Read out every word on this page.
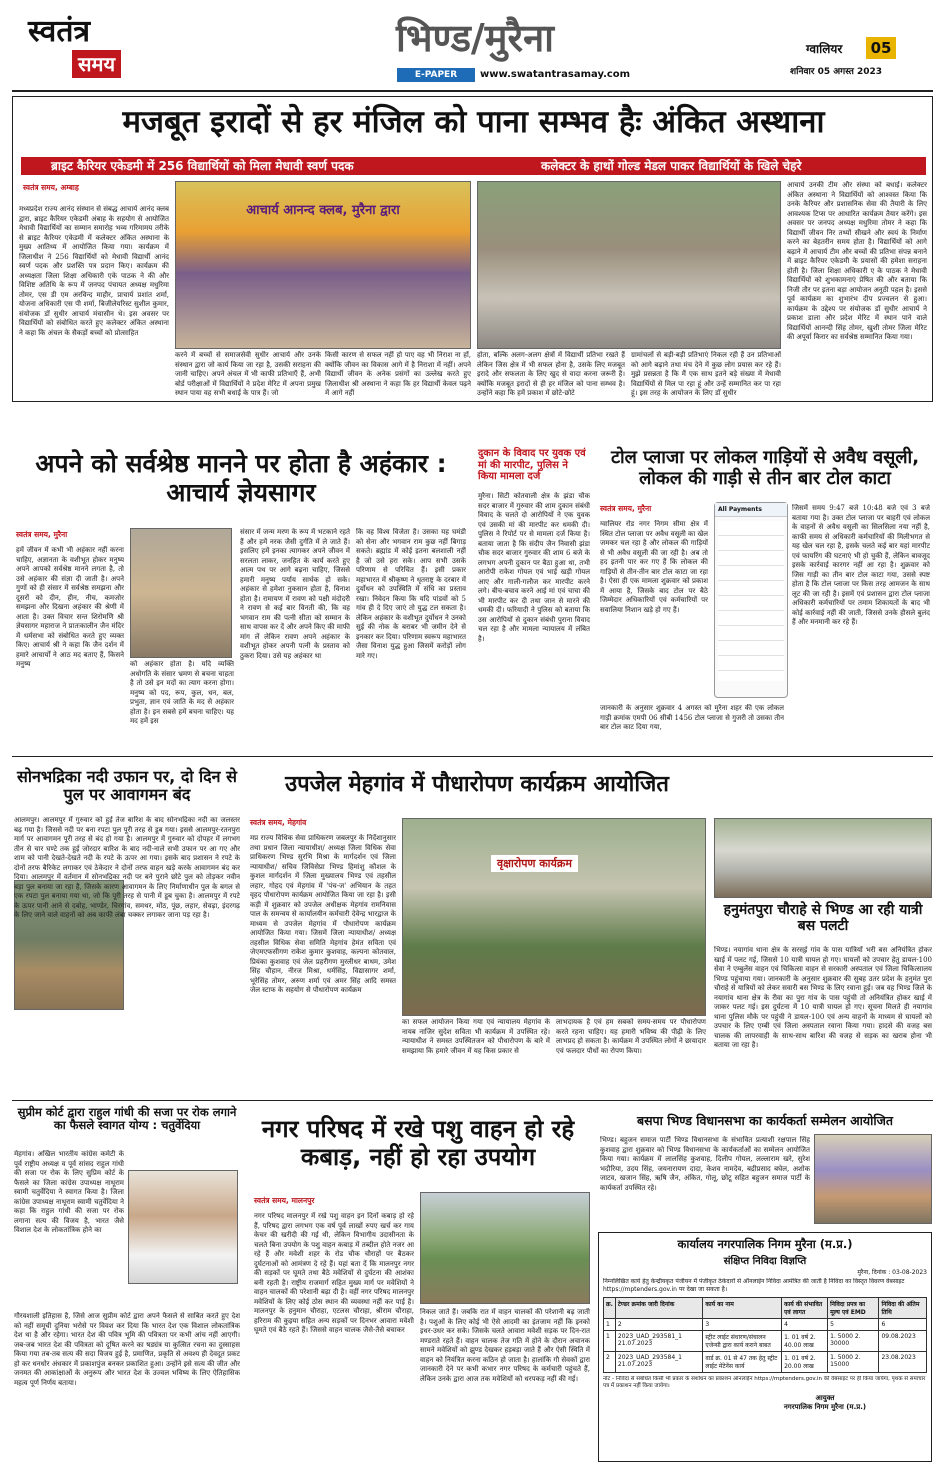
स्वतंत्र
समय
भिण्ड/मुरैना
E-PAPER	www.swatantrasamay.com
ग्वालियर	05
शनिवार 05 अगस्त 2023
मजबूत इरादों से हर मंजिल को पाना सम्भव हैः अंकित अस्थाना
ब्राइट कैरियर एकेडमी में 256 विद्यार्थियों को मिला मेधावी स्वर्ण पदक	कलेक्टर के हाथों गोल्ड मेडल पाकर विद्यार्थियों के खिले चेहरे
स्वतंत्र समय, अम्बाह
मध्यप्रदेश राज्य आनंद संस्थान से संबद्ध आचार्य आनंद क्लब द्वारा, ब्राइट कैरियर एकेडमी अंबाह के सहयोग से आयोजित मेधावी विद्यार्थियों का सम्मान समारोह भव्य गरिमामय तरीके से ब्राइट कैरियर एकेडमी में कलेक्टर अंकित अस्थाना के मुख्य आतिथ्य में आयोजित किया गया। कार्यक्रम में जिलाधीश ने 256 विद्यार्थियों को मेधावी विद्यार्थी आनंद स्वर्ण पदक और प्रशस्ति पत्र प्रदान किए। कार्यक्रम की अध्यक्षता जिला शिक्षा अधिकारी एके पाठक ने की और विशिष्ट अतिथि के रूप में जनपद पंचायत अध्यक्ष मधुरिमा तोमर, एस डी एम अरविन्द माहौर, प्राचार्य प्रशांत शर्मा, योजना अधिकारी एस पी शर्मा, बिजीलेयरिस्ट सुशील कुमार, संयोजक डॉ सुधीर आचार्य मंचासीन थे। इस अवसर पर विद्यार्थियों को संबोधित करते हुए कलेक्टर अंकित अस्थाना ने कहा कि अंचल के सैकड़ों बच्चों को प्रोत्साहित
आचार्य आनन्द क्लब, मुरैना द्वारा
करने में बच्चों से समाजसेवी सुधीर आचार्य और उनके संस्थान द्वारा जो कार्य किया जा रहा है, उसकी सराहना की जानी चाहिए। अपने अंचल में भी काफी प्रतिभाएँ हैं, अभी बोर्ड परीक्षाओं में विद्यार्थियों ने प्रदेश मेरिट में अपना प्रमुख स्थान पाया वह सभी बधाई के पात्र हैं। जो
किसी कारण से सफल नहीं हो पाए वह भी निराश ना हों, क्योंकि जीवन का विकास आगे में है निराशा में नहीं। अपने विद्यार्थी जीवन के अनेक प्रसंगों का उल्लेख करते हुए जिलाधीश श्री अस्थाना ने कहा कि हर विद्यार्थी केवल पढ़ने में आगे नहीं
होता, बल्कि अलग-अलग क्षेत्रों में विद्यार्थी प्रतिभा रखते हैं लेकिन जिस क्षेत्र में भी सफल होना है, उसके लिए मजबूत इरादे और सफलता के लिए खुद से वादा करना जरूरी है। क्योंकि मजबूत इरादों से ही हर मंजिल को पाना सम्भव है। उन्होंने कहा कि हमें प्रकाश में छोटे-छोटे
ग्रामांचलों से बड़ी-बड़ी प्रतिभाएं निकल रही हैं उन प्रतिभाओं को आगे बढ़ाने तथा मंच देने में कुछ लोग प्रयास कर रहे हैं। मुझे प्रसन्नता है कि मैं एक साथ इतने बड़े संख्या में मेधावी विद्यार्थियों से मिल पा रहा हूं और उन्हें सम्मानित कर पा रहा हूं। इस तरह के आयोजन के लिए डॉ सुधीर
आचार्य उनकी टीम और संस्था को बधाई। कलेक्टर अंकित अस्थाना ने विद्यार्थियों को आश्वस्त किया कि उनके कैरियर और प्रशासनिक सेवा की तैयारी के लिए आवश्यक टिप्स पर आधारित कार्यक्रम तैयार करेंगे। इस अवसर पर जनपद अध्यक्ष मधुरिमा तोमर ने कहा कि विद्यार्थी जीवन निर तथ्यों सीखने और स्वयं के निर्माण करने का बेहतरीन समय होता है। विद्यार्थियों को आगे बढ़ाने में आचार्य टीम और बच्चों की प्रतिभा संपन्न बनाने में ब्राइट कैरियर एकेडमी के प्रयासों की हमेशा सराहना होती है। जिला शिक्षा अधिकारी ए के पाठक ने मेधावी विद्यार्थियों को शुभकामनाएं प्रेषित की और बताया कि निजी तौर पर इतना बड़ा आयोजन अनूठी पहल है। इससे पूर्व कार्यक्रम का शुभारंभ दीप प्रज्वलन से हुआ। कार्यक्रम के उद्देश्य पर संयोजक डॉ सुधीर आचार्य ने प्रकाश डाला और प्रदेश मेरिट में स्थान पाने वाले विद्यार्थियों आनन्दी सिंह तोमर, खुशी तोमर जिला मेरिट की अपूर्वा किरार का सर्वश्रेष्ठ सम्मानित किया गया।
अपने को सर्वश्रेष्ठ मानने पर होता है अहंकार : आचार्य ज्ञेयसागर
स्वतंत्र समय, मुरैना
हमें जीवन में कभी भी अहंकार नहीं करना चाहिए, अज्ञानता के वशीभूत होकर मनुष्य अपने आपको सर्वश्रेष्ठ मानने लगता है, तो उसे अहंकार की संज्ञा दी जाती है। अपने गुणों को ही संसार में सर्वश्रेष्ठ समझना और दूसरों को दीन, हीन, नीच, कमजोर समझना और दिखना अहंकार की श्रेणी में आता है। उक्त विचार सन्त शिरोमणि श्री ज्ञेयसागर महाराज ने प्रातःकालीन जैन मंदिर में धर्मसभा को संबोधित करते हुए व्यक्त किए। आचार्य श्री ने कहा कि जैन दर्शन में हमारे आचार्यों ने आठ मद बताए हैं, किसने मनुष्य	को अहंकार होता है। यदि व्यक्ति अधोगति के संसार भ्रमण से बचना चाहता है तो उसे इन मदों का त्याग करना होगा। मनुष्य को पद, रूप, कुल, धन, बल, प्रभुता, ज्ञान एवं जाति के मद से अहंकार होता है। इन सबसे हमें बचना चाहिए। यह मद हमें इस
संसार में जन्म मरण के रूप में भटकाने रहते हैं और हमें नरक जैसी दुर्गति में ले जाते हैं। इसलिए हमें इनका त्यागकर अपने जीवन में सरलता लाकर, जनहित के कार्य करते हुए आत्म पथ पर आगे बढ़ना चाहिए, जिससे हमारी मनुष्य पर्याय सार्थक हो सके। अहंकार से हमेशा नुकसान होता है, विनाश होता है। रामायण में रावण को पक्षी मंदोदरी ने रावण से कई बार विनती की, कि वह भगवान राम की पत्नी सीता को सम्मान के साथ वापस कर दें और अपने किए की माफी मांग लें लेकिन रावण अपने अहंकार के वशीभूत होकर अपनी पत्नी के प्रस्ताव को ठुकरा दिया। उसे यह अहंकार था
कि वह विश्व विजेता है। उसका यह घमंडी को सेना और भगवान राम कुछ नहीं बिगाड़ सकते। ब्रह्मांड में कोई इतना बलशाली नहीं है जो उसे हरा सके। आप सभी उसके परिणाम से परिचित हैं। इसी प्रकार महाभारत में श्रीकृष्ण ने धृतराष्ट्र के दरबार में दुर्योधन को उपस्थिति में संधि का प्रस्ताव रखा। निवेदन किया कि यदि पांडवों को 5 गांव ही दे दिए जाएं तो युद्ध टल सकता है। लेकिन अहंकार के वशीभूत दुर्योधन ने उनको सुई की नोक के बराबर भी जमीन देने से इनकार कर दिया। परिणाम स्वरूप महाभारत जैसा विनाश युद्ध हुआ जिसमें करोड़ों लोग मारे गए।
दुकान के विवाद पर युवक एवं मां की मारपीट, पुलिस ने किया मामला दर्ज
मुरैना। सिटी कोतवाली क्षेत्र के झंडा चौक सदर बाजार में गुरुवार की शाम दुकान संबंधी विवाद के चलते दो आरोपियों ने एक युवक एवं उसकी मां की मारपीट कर धमकी दी। पुलिस ने रिपोर्ट पर से मामला दर्ज किया है। बताया जाता है कि संदीप जैन निवासी झंडा चौक सदर बाजार गुरुवार की शाम 6 बजे के लगभग अपनी दुकान पर बैठा हुआ था, तभी आरोपी राकेश गोयल एवं भाई खड़ी गोयल आए और गाली-गलौज कर मारपीट करने लगे। बीच-बचाव करने आई मां एवं चाचा की भी मारपीट कर दी तथा जान से मारने की धमकी दी। फरियादी ने पुलिस को बताया कि उस आरोपियों से दुकान संबंधी पुराना विवाद चल रहा है और मामला न्यायालय में लंबित है।
टोल प्लाजा पर लोकल गाड़ियों से अवैध वसूली, लोकल की गाड़ी से तीन बार टोल काटा
स्वतंत्र समय, मुरैना
ग्वालियर रोड नगर निगम सीमा क्षेत्र में स्थित टोल प्लाजा पर अवैध वसूली का खेल जमकर चल रहा है और लोकल की गाड़ियों से भी अवैध वसूली की जा रही है। अब तो हद इतनी पार कर गए हैं कि लोकल की गाड़ियों से तीन-तीन बार टोल काटा जा रहा है। ऐसा ही एक मामला शुक्रवार को प्रकाश में आया है, जिसके बाद टोल पर बैठे जिम्मेदार अधिकारियों एवं कर्मचारियों पर सवालिया निशान खड़े हो गए हैं।
जानकारी के अनुसार शुक्रवार 4 अगस्त को मुरैना शहर की एक लोकल गाड़ी क्रमांक एमपी 06 सीबी 1456 टोल प्लाजा से गुजरी तो उसका तीन बार टोल काट दिया गया,
All Payments	जिसमें समय 9:47 बजे 10:48 बजे एवं 3 बजे बताया गया है। उक्त टोल प्लाजा पर बाहरी एवं लोकल के वाहनों से अवैध वसूली का सिलसिला नया नहीं है, काफी समय से अधिकारी कर्मचारियों की मिलीभगत से यह खेल चल रहा है, इसके चलते कई बार यहां मारपीट एवं फायरिंग की घटनाएं भी हो चुकी हैं, लेकिन बावजूद इसके कार्रवाई कारगर नहीं आ रहा है। शुक्रवार को जिस गाड़ी का तीन बार टोल काटा गया, उससे स्पष्ट होता है कि टोल प्लाजा पर किस तरह आमजन के साथ लूट की जा रही है। इसमें एवं प्रशासन द्वारा टोल प्लाजा अधिकारी कर्मचारियों पर तमाम शिकायतों के बाद भी कोई कार्रवाई नहीं की जाती, जिससे उनके हौसले बुलंद हैं और मनमानी कर रहे हैं।
सोनभद्रिका नदी उफान पर, दो दिन से पुल पर आवागमन बंद
आलमपुर। आलमपुर में गुरुवार को हुई तेज बारिश के बाद सोनभद्रिका नदी का जलस्तर बढ़ गया है। जिससे नदी पर बना रपटा पुल पूरी तरह से डूब गया। इससे आलमपुर-रतनपुरा मार्ग पर आवागमन पूरी तरह से बंद हो गया है। आलमपुर में गुरुवार को दोपहर में लगभग तीन से चार घण्टे तक हुई जोरदार बारिश के बाद नदी-नाले सभी उफान पर आ गए और शाम को पानी देखते-देखते नदी के रपटे के ऊपर आ गया। इसके बाद प्रशासन ने रपटे के दोनों तरफ बैरिकेट लगाकर एवं ठेकेदार ने दोनों तरफ वाहन खड़े करके आवागमन बंद कर दिया। आलमपुर में वर्तमान में सोनभद्रिका नदी पर बने पुराने छोटे पुल को तोड़कर नवीन बड़ा पुल बनाया जा रहा है, जिसके कारण आवागमन के लिए निर्माणाधीन पुल के बगल से एक रपटा पुल बनाया गया था, जो कि पूरी तरह से पानी में डूब चुका है। आलमपुर में रपटे के ऊपर पानी आने से दबोह, भाण्डेर, चिरगांव, समथर, मोंठ, पूंछ, लहार, सेवढ़ा, इंदरगढ़ के लिए जाने वाले वाहनों को अब काफी लंबा चक्कर लगाकर जाना पड़ रहा है।
उपजेल मेहगांव में पौधारोपण कार्यक्रम आयोजित
स्वतंत्र समय, मेहगांव
मप्र राज्य विधिक सेवा प्राधिकरण जबलपुर के निर्देशानुसार तथा प्रधान जिला न्यायाधीश/ अध्यक्ष जिला विधिक सेवा प्राधिकरण भिण्ड सुरभि मिश्रा के मार्गदर्शन एवं जिला न्यायाधीश/ सचिव जिविसेप्रा भिण्ड हिमांशु कौशल के कुशल मार्गदर्शन में जिला मुख्यालय भिण्ड एवं तहसील लहार, गोहद एवं मेहगांव में 'पंच-ज' अभियान के तहत वृहद पौधारोपण कार्यक्रम आयोजित किया जा रहा है। इसी कड़ी में शुक्रवार को उपजेल अधीक्षक मेहगांव रामनिवास पाल के समन्वय से कार्यालयीन कर्मचारी देवेन्द्र भारद्वाज के माध्यम से उपजेल मेहगांव में पौधारोपण कार्यक्रम आयोजित किया गया। जिसमें जिला न्यायाधीश/ अध्यक्ष तहसील विधिक सेवा समिति मेहगांव हेमंत सविता एवं जेएमएफसीगण राकेश कुमार कुशवाह, कल्पना कोतवाल, प्रियंका कुशवाह एवं जेल प्रहरीगण मुरलीधर बाथम, उमेश सिंह चौहान, नीरज मिश्रा, धर्मसिंह, विद्यासागर शर्मा, भूरेसिंह तोमर, अरुण शर्मा एवं अमर सिंह आदि समस्त जेल स्टाफ के सहयोग से पौधारोपण कार्यक्रम
वृक्षारोपण कार्यक्रम
का सफल आयोजन किया गया एवं न्यायालय मेहगांव के नायब नाजिर सुदेश सविता भी कार्यक्रम में उपस्थित रहे। न्यायाधीश ने समस्त उपस्थितजन को पौधारोपण के बारे में समझाया कि हमारे जीवन में यह किस प्रकार से
लाभदायक है एवं हम सबको समय-समय पर पौधारोपण करते रहना चाहिए। यह हमारी भविष्य की पीढ़ी के लिए लाभप्रद हो सकता है। कार्यक्रम में उपस्थित लोगों ने छायादार एवं फलदार पौधों का रोपण किया।
हनुमंतपुरा चौराहे से भिण्ड आ रही यात्री बस पलटी
भिण्ड। नयागांव थाना क्षेत्र के सरस्ई गांव के पास यात्रियों भरी बस अनियंत्रित होकर खाई में पलट गई, जिससे 10 यात्री घायल हो गए। घायलों को उपचार हेतु डायल-100 सेवा ने एम्बुलेंस वाहन एवं चिकित्सा वाहन से सरकारी अस्पताल एवं जिला चिकित्सालय भिण्ड पहुंचाया गया। जानकारी के अनुसार शुक्रवार की सुबह उतर प्रदेश के हनुमंत पुरा चौराहे से यात्रियों को लेकर सवारी बस भिण्ड के लिए रवाना हुई। जब वह भिण्ड जिले के नयागांव थाना क्षेत्र के रीवा का पुरा गांव के पास पहुंची तो अनियंत्रित होकर खाई में जाकर पलट गई। इस दुर्घटना में 10 यात्री घायल हो गए। सूचना मिलते ही नयागांव थाना पुलिस मौके पर पहुंची ने डायल-100 एवं अन्य वाहनों के माध्यम से घायलों को उपचार के लिए एम्बी एवं जिला अस्पताल रवाना किया गया। हादसे की वजह बस चालक की लापरवाही के साथ-साथ बारिश की वजह से सड़क का खराब होना भी बताया जा रहा है।
सुप्रीम कोर्ट द्वारा राहुल गांधी की सजा पर रोक लगाने का फैसले स्वागत योग्य : चतुर्वेदिया
मेहगांव। अखिल भारतीय कांग्रेस कमेटी के पूर्व राष्ट्रीय अध्यक्ष व पूर्व सांसद राहुल गांधी की सजा पर रोक के लिए सुप्रिम कोर्ट के फैसले का जिला कांग्रेस उपाध्यक्ष नाथूराम स्वामी चतुर्वेदिया ने स्वागत किया है। जिला कांग्रेस उपाध्यक्ष नाथूराम स्वामी चतुर्वेदिया ने कहा कि राहुल गांधी की सजा पर रोक लगाना सत्य की विजय है, भारत जैसे विशाल देश के लोकतांत्रिक होने का
गौरवशाली इतिहास है, जिसे आज सुप्रीम कोर्ट द्वारा अपने फैसले से साबित करते हुए देश को नहीं समूची दुनिया भरोसे पर विवश कर दिया कि भारत देश एक विशाल लोकतांत्रिक देश था है और रहेगा। भारत देश की पवित्र भूमि की पवित्रता पर कभी आंच नहीं आएगी। जब-जब भारत देश की पवित्रता को दूषित करने का षड्यंत्र या कुत्सित रचना का दुस्साहस किया गया तब-तब सत्य की सदा विजय हुई है, प्रमाणित, प्रकृति से अवश्य ही देवदूत प्रकट हो कर धनधोर अंधकार में प्रकाशपुंज बनकर प्रकाशित हुआ। उन्होंने इसे सत्य की जीत और जनमत की आकांक्षाओं के अनुरूप और भारत देश के उज्वल भविष्य के लिए ऐतिहासिक महत्व पूर्ण निर्णय बताया।
नगर परिषद में रखे पशु वाहन हो रहे कबाड़, नहीं हो रहा उपयोग
स्वतंत्र समय, मालनपुर
नगर परिषद मालनपुर में रखे पशु वाहन इन दिनों कबाड़ हो रहे हैं, परिषद द्वारा लगभग एक वर्ष पूर्व लाखों रुपए खर्च कर गाय केचर की खरीदी की गई थी, लेकिन विभागीय उदासीनता के चलते बिना उपयोग के पशु वाहन कबाड़ में तब्दील होते नजर आ रहे हैं और मवेशी शहर के रोड चौक चौराहों पर बैठकर दुर्घटनाओं को आमंत्रण दे रहे हैं। यहां बता दें कि मालनपुर नगर की सड़कों पर घूमते तथा बैठे मवेशियों से दुर्घटना की आशंका बनी रहती है। राष्ट्रीय राजमार्ग सहित मुख्य मार्ग पर मवेशियों ने वाहन चालकों की परेशानी बढ़ा दी है। वहीं नगर परिषद मालनपुर मवेशियों के लिए कोई ठोस स्थान की व्यवस्था नहीं कर पाई है। मालनपुर के हनुमान चौराहा, एटलस चौराहा, श्रीराम चौराहा, हरिराम की कुइया सहित अन्य सड़कों पर दिनभर आवारा मवेशी घूमते एवं बैठे रहते हैं। जिससे वाहन चालक जैसे-तैसे बचाकर
निकल जाते हैं। जबकि रात में वाहन चालकों की परेशानी बढ़ जाती है। पशुओं के लिए कोई भी ऐसे आदमी का इंतजाम नहीं कि इनको इधर-उधर कर सके। जिसके चलते आवारा मवेशी सड़क पर दिन-रात मण्डराते रहते हैं। वाहन चालक तेज गति में होने के दौरान अचानक सामने मवेशियों को झुण्ड देखकर हड़बड़ा जाते हैं और ऐसी स्थिति में वाहन को नियंत्रित करना कठिन हो जाता है। हालांकि गौ सेवकों द्वारा जानकारी देने पर कभी कभार नगर परिषद के कर्मचारी पहुंचते हैं, लेकिन उनके द्वारा आज तक मवेशियों को धरपकड़ नहीं की गई।
बसपा भिण्ड विधानसभा का कार्यकर्ता सम्मेलन आयोजित
भिण्ड। बहुजन समाज पार्टी भिण्ड विधानसभा के संभावित प्रत्याशी रक्षपाल सिंह कुशवाह द्वारा शुक्रवार को भिण्ड विधानसभा के कार्यकर्ताओं का सम्मेलन आयोजित किया गया। कार्यक्रम में लालसिंह कुशवाह, दिलीप गोयल, लल्लाराम खरे, सुरेश भदौरिया, उदय सिंह, जयनारायण दादा, केशव नामदेव, बद्रीप्रसाद बघेल, अशोक जाटव, खजान सिंह, ऋषि जैन, अंकित, गोलू, छोटू सहित बहुजन समाज पार्टी के कार्यकर्ता उपस्थित रहे।
कार्यालय नगरपालिक निगम मुरैना (म.प्र.)
संक्षिप्त निविदा विज्ञप्ति
मुरैना, दिनांक : 03-08-2023
निम्नलिखित कार्य हेतु केन्द्रीयकृत पंजीयन में पंजीकृत ठेकेदारों से ऑनलाईन निविदा आमंत्रित की जाती है निविदा का विस्तृत विवरण वेबसाइट https://mptenders.gov.in पर देखा जा सकता है।
क्र.	टेण्डर क्रमांक जारी दिनांक	कार्य का नाम	कार्य की संभावित एवं लागत	निविदा प्रपत्र का मूल्य एवं EMD	निविदा की अंतिम तिथि
1	2	3	4	5	6
1	2023_UAD_293581_1 21.07.2023	स्ट्रीट लाईट संधारण/संचालन एजेन्सी द्वारा कार्य कराने बाबत	1. 01 वर्ष 2. 40.00 लाख	1. 5000 2. 30000	09.08.2023
2	2023_UAD_293584_1 21.07.2023	वार्ड क्र. 01 से 47 तक हेतु स्ट्रीट लाईट मेंटेनेंस कार्य	1. 01 वर्ष 2. 20.00 लाख	1. 5000 2. 15000	23.08.2023
नोट - निविदा से संबंधित किसी भी प्रकार के संशोधन का प्रकाशन ऑनलाईन https://mptenders.gov.in की वेबसाइट पर ही किया जायेगा, पृथक से समाचार पत्र में प्रकाशन नहीं किया जायेगा।
आयुक्त
नगरपालिक निगम मुरैना (म.प्र.)
